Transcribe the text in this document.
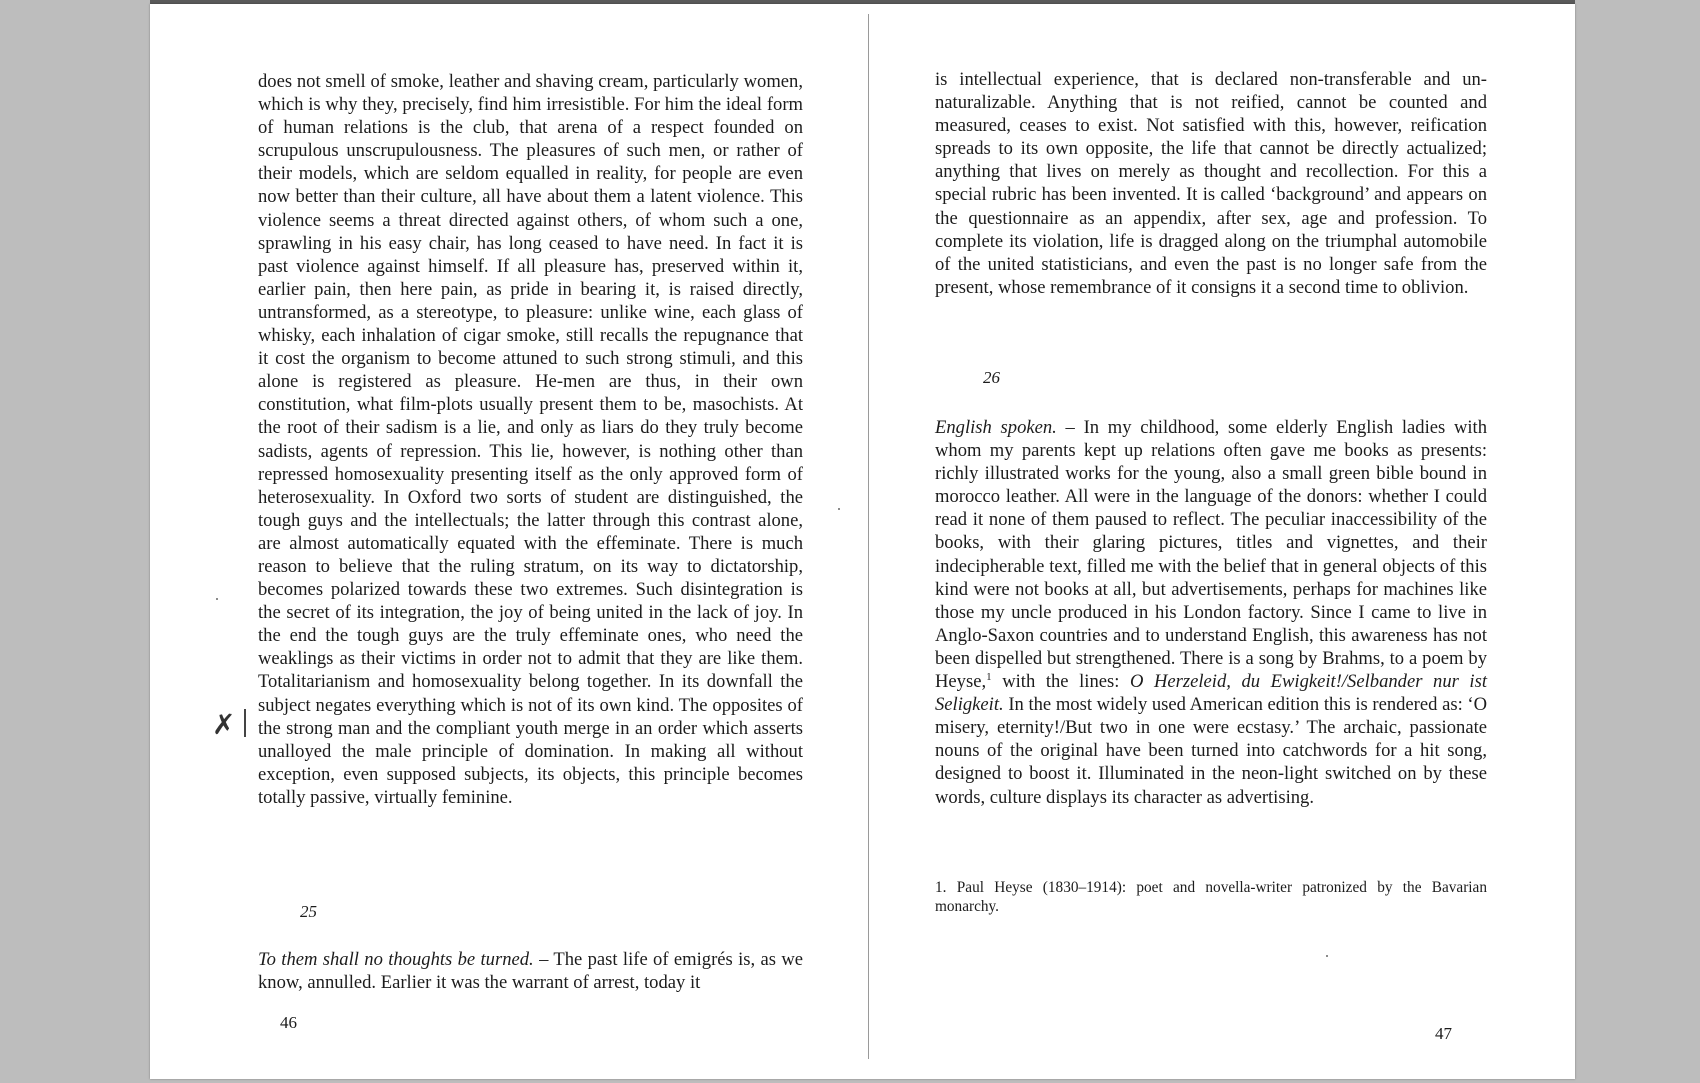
✗

does not smell of smoke, leather and shaving cream, particularly women, which is why they, precisely, find him irresistible. For him the ideal form of human relations is the club, that arena of a respect founded on scrupulous unscrupulousness. The pleasures of such men, or rather of their models, which are seldom equalled in reality, for people are even now better than their culture, all have about them a latent violence. This violence seems a threat directed against others, of whom such a one, sprawling in his easy chair, has long ceased to have need. In fact it is past violence against himself. If all pleasure has, preserved within it, earlier pain, then here pain, as pride in bearing it, is raised directly, untransformed, as a stereotype, to pleasure: unlike wine, each glass of whisky, each inhalation of cigar smoke, still recalls the repugnance that it cost the organism to become attuned to such strong stimuli, and this alone is registered as pleasure. He-men are thus, in their own constitution, what film-plots usually present them to be, masochists. At the root of their sadism is a lie, and only as liars do they truly become sadists, agents of repression. This lie, however, is nothing other than repressed homosexuality presenting itself as the only approved form of heterosexuality. In Oxford two sorts of student are distinguished, the tough guys and the intellectuals; the latter through this contrast alone, are almost automatically equated with the effeminate. There is much reason to believe that the ruling stratum, on its way to dictatorship, becomes polarized towards these two extremes. Such disintegration is the secret of its integration, the joy of being united in the lack of joy. In the end the tough guys are the truly effeminate ones, who need the weaklings as their victims in order not to admit that they are like them. Totalitarianism and homosexuality belong together. In its downfall the subject negates everything which is not of its own kind. The opposites of the strong man and the compliant youth merge in an order which asserts unalloyed the male principle of domination. In making all without exception, even supposed subjects, its objects, this principle becomes totally passive, virtually feminine.

25

To them shall no thoughts be turned. – The past life of emigrés is, as we know, annulled. Earlier it was the warrant of arrest, today it

46

is intellectual experience, that is declared non-transferable and unnaturalizable. Anything that is not reified, cannot be counted and measured, ceases to exist. Not satisfied with this, however, reification spreads to its own opposite, the life that cannot be directly actualized; anything that lives on merely as thought and recollection. For this a special rubric has been invented. It is called ‘background’ and appears on the questionnaire as an appendix, after sex, age and profession. To complete its violation, life is dragged along on the triumphal automobile of the united statisticians, and even the past is no longer safe from the present, whose remembrance of it consigns it a second time to oblivion.

26

English spoken. – In my childhood, some elderly English ladies with whom my parents kept up relations often gave me books as presents: richly illustrated works for the young, also a small green bible bound in morocco leather. All were in the language of the donors: whether I could read it none of them paused to reflect. The peculiar inaccessibility of the books, with their glaring pictures, titles and vignettes, and their indecipherable text, filled me with the belief that in general objects of this kind were not books at all, but advertisements, perhaps for machines like those my uncle produced in his London factory. Since I came to live in Anglo-Saxon countries and to understand English, this awareness has not been dispelled but strengthened. There is a song by Brahms, to a poem by Heyse,$^1$ with the lines: O Herzeleid, du Ewigkeit!/Selbander nur ist Seligkeit. In the most widely used American edition this is rendered as: ‘O misery, eternity!/But two in one were ecstasy.’ The archaic, passionate nouns of the original have been turned into catchwords for a hit song, designed to boost it. Illuminated in the neon-light switched on by these words, culture displays its character as advertising.

1. Paul Heyse (1830–1914): poet and novella-writer patronized by the Bavarian monarchy.

47
